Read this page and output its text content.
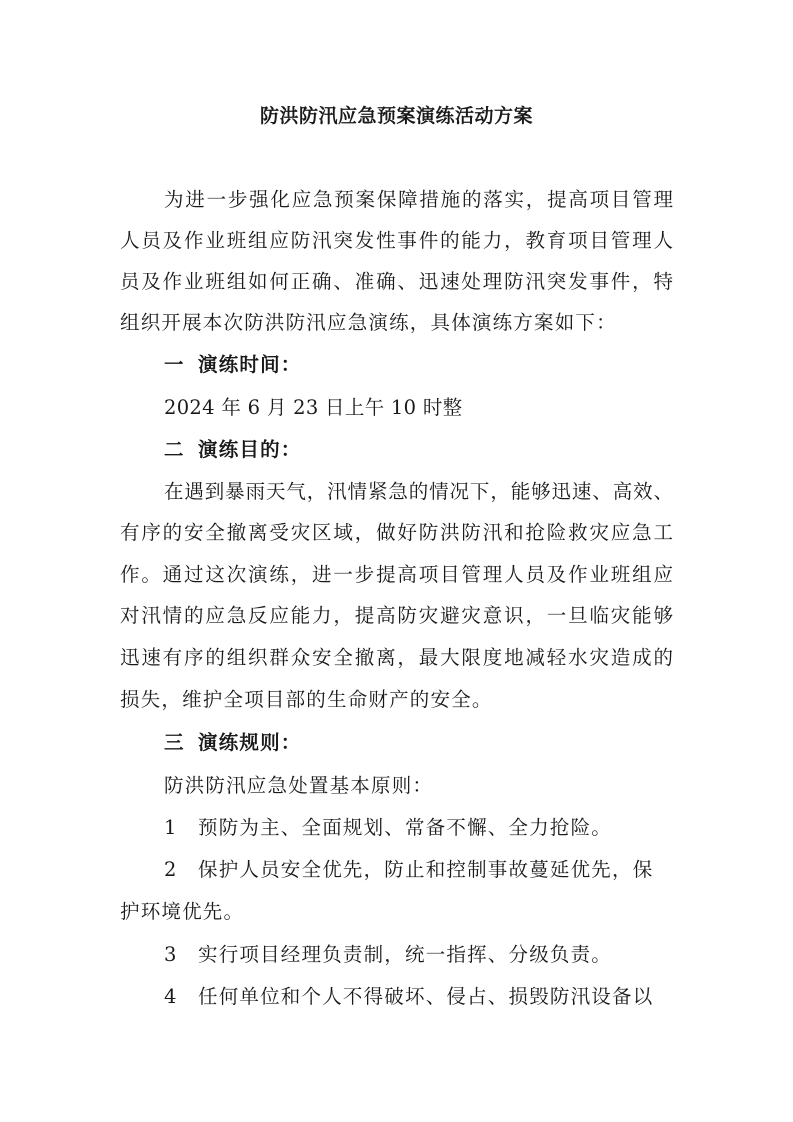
防洪防汛应急预案演练活动方案
为进一步强化应急预案保障措施的落实，提高项目管理
人员及作业班组应防汛突发性事件的能力，教育项目管理人
员及作业班组如何正确、准确、迅速处理防汛突发事件，特
组织开展本次防洪防汛应急演练，具体演练方案如下：
一 演练时间：
2024 年 6 月 23 日上午 10 时整
二 演练目的：
在遇到暴雨天气，汛情紧急的情况下，能够迅速、高效、
有序的安全撤离受灾区域，做好防洪防汛和抢险救灾应急工
作。通过这次演练，进一步提高项目管理人员及作业班组应
对汛情的应急反应能力，提高防灾避灾意识，一旦临灾能够
迅速有序的组织群众安全撤离，最大限度地减轻水灾造成的
损失，维护全项目部的生命财产的安全。
三 演练规则：
防洪防汛应急处置基本原则：
1 预防为主、全面规划、常备不懈、全力抢险。
2 保护人员安全优先，防止和控制事故蔓延优先，保
护环境优先。
3 实行项目经理负责制，统一指挥、分级负责。
4 任何单位和个人不得破坏、侵占、损毁防汛设备以
